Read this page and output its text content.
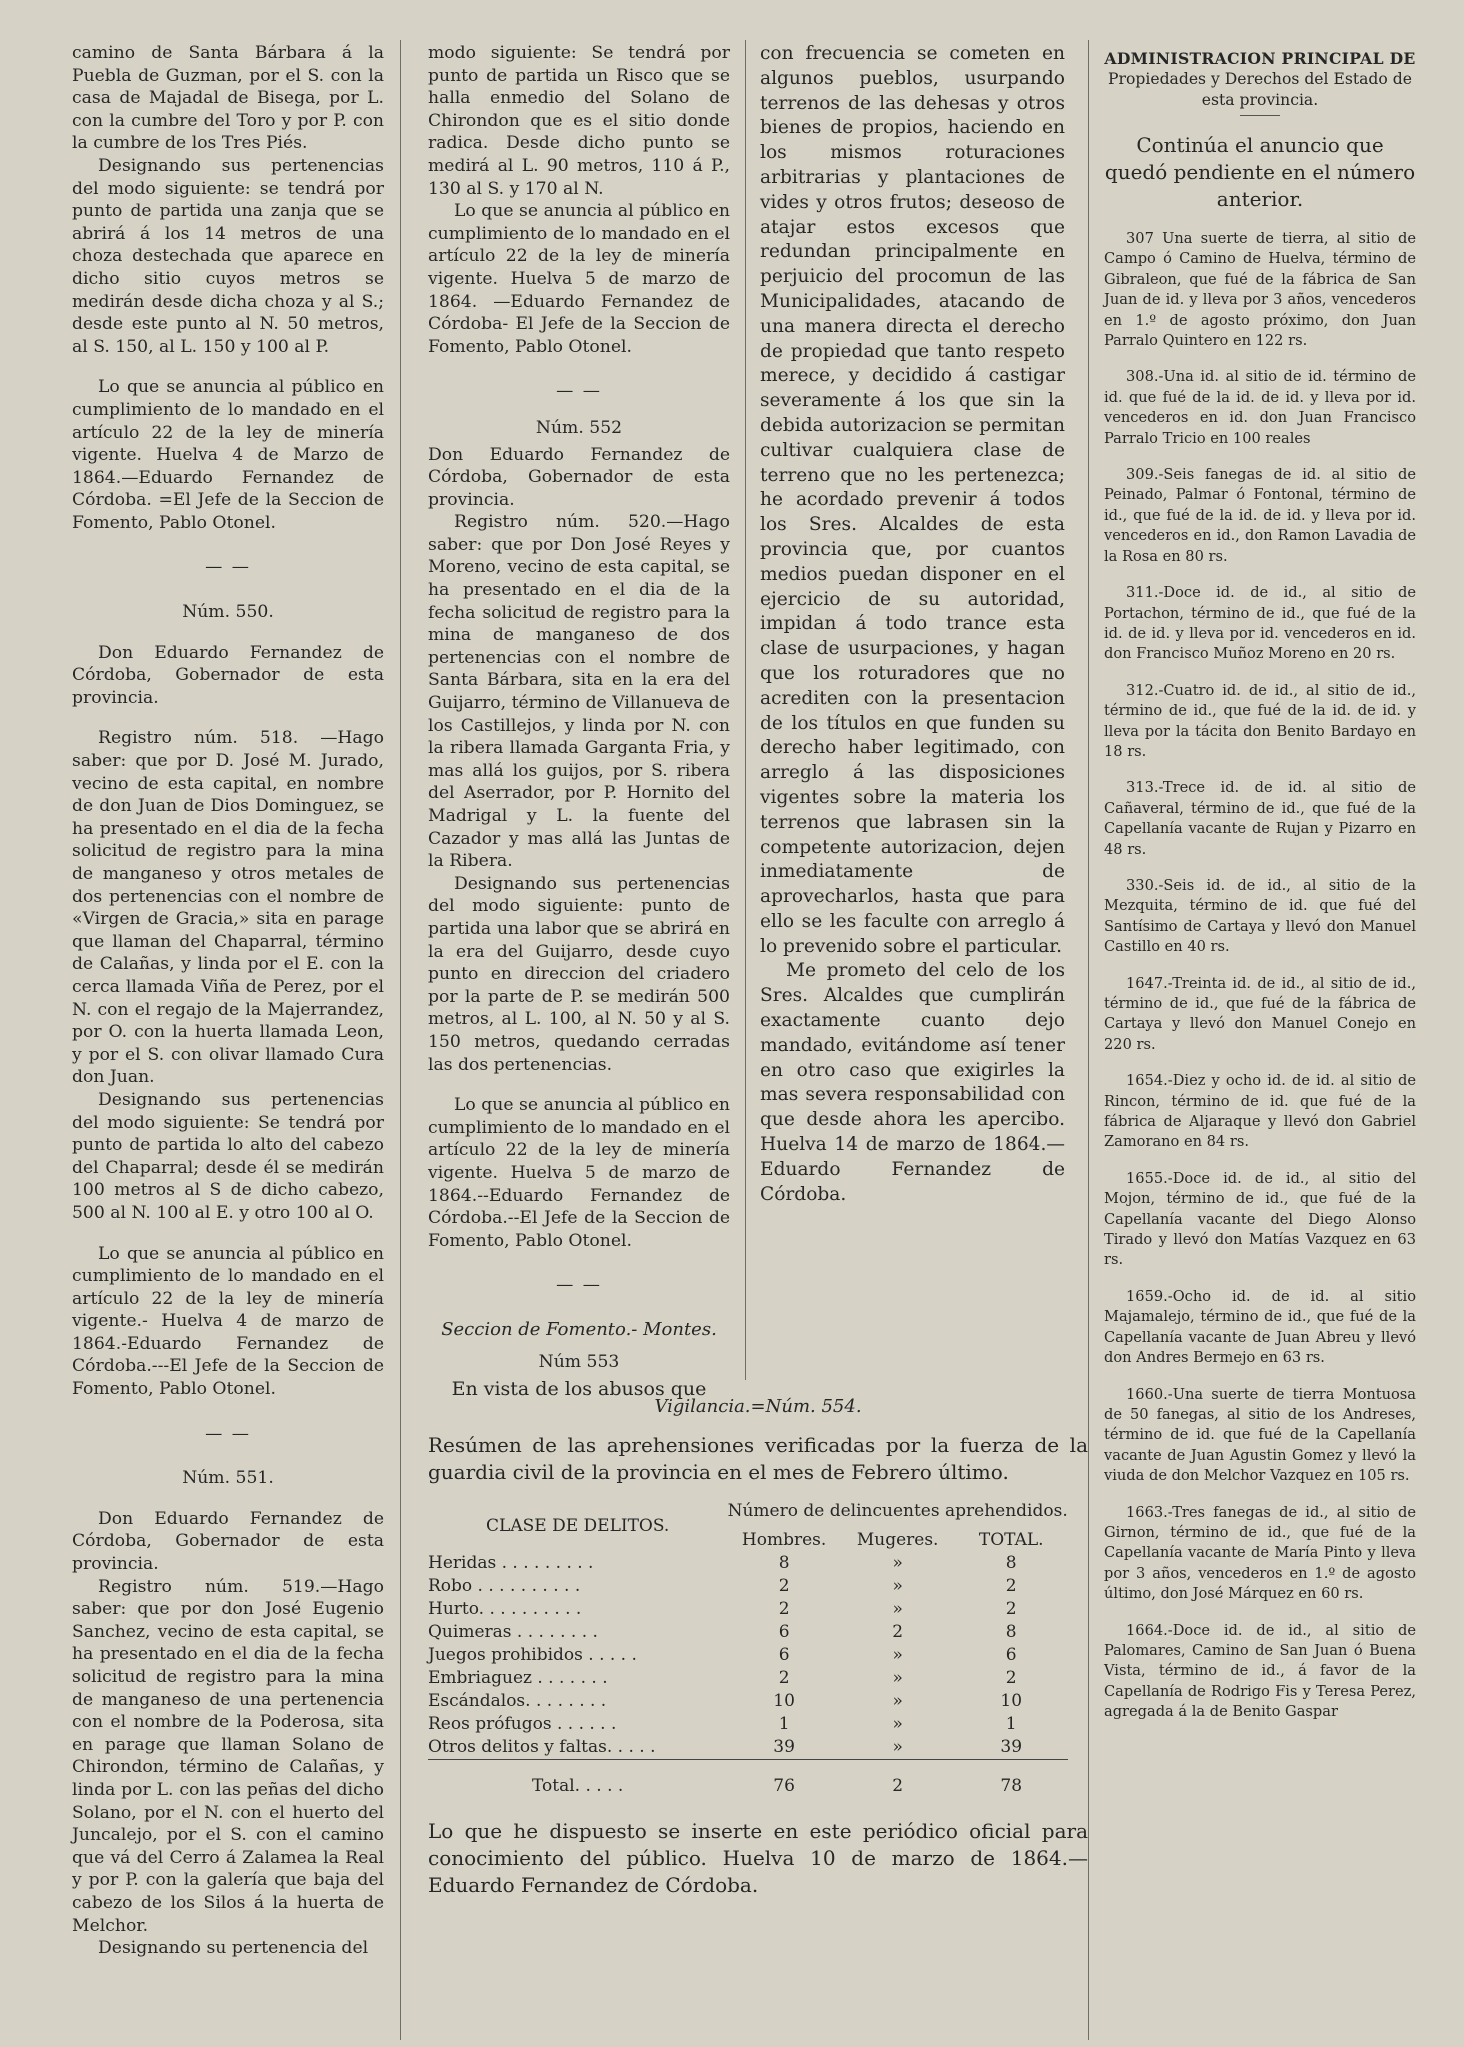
camino de Santa Bárbara á la Puebla de Guzman, por el S. con la casa de Majadal de Bisega, por L. con la cumbre del Toro y por P. con la cumbre de los Tres Piés.

Designando sus pertenencias del modo siguiente: se tendrá por punto de partida una zanja que se abrirá á los 14 metros de una choza destechada que aparece en dicho sitio cuyos metros se medirán desde dicha choza y al S.; desde este punto al N. 50 metros, al S. 150, al L. 150 y 100 al P.

Lo que se anuncia al público en cumplimiento de lo mandado en el artículo 22 de la ley de minería vigente. Huelva 4 de Marzo de 1864.—Eduardo Fernandez de Córdoba. =El Jefe de la Seccion de Fomento, Pablo Otonel.

— —
Núm. 550.

Don Eduardo Fernandez de Córdoba, Gobernador de esta provincia.

Registro núm. 518. —Hago saber: que por D. José M. Jurado, vecino de esta capital, en nombre de don Juan de Dios Dominguez, se ha presentado en el dia de la fecha solicitud de registro para la mina de manganeso y otros metales de dos pertenencias con el nombre de «Virgen de Gracia,» sita en parage que llaman del Chaparral, término de Calañas, y linda por el E. con la cerca llamada Viña de Perez, por el N. con el regajo de la Majerrandez, por O. con la huerta llamada Leon, y por el S. con olivar llamado Cura don Juan.

Designando sus pertenencias del modo siguiente: Se tendrá por punto de partida lo alto del cabezo del Chaparral; desde él se medirán 100 metros al S de dicho cabezo, 500 al N. 100 al E. y otro 100 al O.

Lo que se anuncia al público en cumplimiento de lo mandado en el artículo 22 de la ley de minería vigente.- Huelva 4 de marzo de 1864.-Eduardo Fernandez de Córdoba.---El Jefe de la Seccion de Fomento, Pablo Otonel.

— —
Núm. 551.

Don Eduardo Fernandez de Córdoba, Gobernador de esta provincia.

Registro núm. 519.—Hago saber: que por don José Eugenio Sanchez, vecino de esta capital, se ha presentado en el dia de la fecha solicitud de registro para la mina de manganeso de una pertenencia con el nombre de la Poderosa, sita en parage que llaman Solano de Chirondon, término de Calañas, y linda por L. con las peñas del dicho Solano, por el N. con el huerto del Juncalejo, por el S. con el camino que vá del Cerro á Zalamea la Real y por P. con la galería que baja del cabezo de los Silos á la huerta de Melchor.

Designando su pertenencia del

modo siguiente: Se tendrá por punto de partida un Risco que se halla enmedio del Solano de Chirondon que es el sitio donde radica. Desde dicho punto se medirá al L. 90 metros, 110 á P., 130 al S. y 170 al N.

Lo que se anuncia al público en cumplimiento de lo mandado en el artículo 22 de la ley de minería vigente. Huelva 5 de marzo de 1864. —Eduardo Fernandez de Córdoba- El Jefe de la Seccion de Fomento, Pablo Otonel.

— —
Núm. 552

Don Eduardo Fernandez de Córdoba, Gobernador de esta provincia.

Registro núm. 520.—Hago saber: que por Don José Reyes y Moreno, vecino de esta capital, se ha presentado en el dia de la fecha solicitud de registro para la mina de manganeso de dos pertenencias con el nombre de Santa Bárbara, sita en la era del Guijarro, término de Villanueva de los Castillejos, y linda por N. con la ribera llamada Garganta Fria, y mas allá los guijos, por S. ribera del Aserrador, por P. Hornito del Madrigal y L. la fuente del Cazador y mas allá las Juntas de la Ribera.

Designando sus pertenencias del modo siguiente: punto de partida una labor que se abrirá en la era del Guijarro, desde cuyo punto en direccion del criadero por la parte de P. se medirán 500 metros, al L. 100, al N. 50 y al S. 150 metros, quedando cerradas las dos pertenencias.

Lo que se anuncia al público en cumplimiento de lo mandado en el artículo 22 de la ley de minería vigente. Huelva 5 de marzo de 1864.--Eduardo Fernandez de Córdoba.--El Jefe de la Seccion de Fomento, Pablo Otonel.

— —
Seccion de Fomento.- Montes.
Núm 553

En vista de los abusos que

con frecuencia se cometen en algunos pueblos, usurpando terrenos de las dehesas y otros bienes de propios, haciendo en los mismos roturaciones arbitrarias y plantaciones de vides y otros frutos; deseoso de atajar estos excesos que redundan principalmente en perjuicio del procomun de las Municipalidades, atacando de una manera directa el derecho de propiedad que tanto respeto merece, y decidido á castigar severamente á los que sin la debida autorizacion se permitan cultivar cualquiera clase de terreno que no les pertenezca; he acordado prevenir á todos los Sres. Alcaldes de esta provincia que, por cuantos medios puedan disponer en el ejercicio de su autoridad, impidan á todo trance esta clase de usurpaciones, y hagan que los roturadores que no acrediten con la presentacion de los títulos en que funden su derecho haber legitimado, con arreglo á las disposiciones vigentes sobre la materia los terrenos que labrasen sin la competente autorizacion, dejen inmediatamente de aprovecharlos, hasta que para ello se les faculte con arreglo á lo prevenido sobre el particular.

Me prometo del celo de los Sres. Alcaldes que cumplirán exactamente cuanto dejo mandado, evitándome así tener en otro caso que exigirles la mas severa responsabilidad con que desde ahora les apercibo. Huelva 14 de marzo de 1864.—Eduardo Fernandez de Córdoba.

ADMINISTRACION PRINCIPAL DE
Propiedades y Derechos del Estado de esta provincia.
Continúa el anuncio que quedó pendiente en el número anterior.

307 Una suerte de tierra, al sitio de Campo ó Camino de Huelva, término de Gibraleon, que fué de la fábrica de San Juan de id. y lleva por 3 años, vencederos en 1.º de agosto próximo, don Juan Parralo Quintero en 122 rs.

308.-Una id. al sitio de id. término de id. que fué de la id. de id. y lleva por id. vencederos en id. don Juan Francisco Parralo Tricio en 100 reales

309.-Seis fanegas de id. al sitio de Peinado, Palmar ó Fontonal, término de id., que fué de la id. de id. y lleva por id. vencederos en id., don Ramon Lavadia de la Rosa en 80 rs.

311.-Doce id. de id., al sitio de Portachon, término de id., que fué de la id. de id. y lleva por id. vencederos en id. don Francisco Muñoz Moreno en 20 rs.

312.-Cuatro id. de id., al sitio de id., término de id., que fué de la id. de id. y lleva por la tácita don Benito Bardayo en 18 rs.

313.-Trece id. de id. al sitio de Cañaveral, término de id., que fué de la Capellanía vacante de Rujan y Pizarro en 48 rs.

330.-Seis id. de id., al sitio de la Mezquita, término de id. que fué del Santísimo de Cartaya y llevó don Manuel Castillo en 40 rs.

1647.-Treinta id. de id., al sitio de id., término de id., que fué de la fábrica de Cartaya y llevó don Manuel Conejo en 220 rs.

1654.-Diez y ocho id. de id. al sitio de Rincon, término de id. que fué de la fábrica de Aljaraque y llevó don Gabriel Zamorano en 84 rs.

1655.-Doce id. de id., al sitio del Mojon, término de id., que fué de la Capellanía vacante del Diego Alonso Tirado y llevó don Matías Vazquez en 63 rs.

1659.-Ocho id. de id. al sitio Majamalejo, término de id., que fué de la Capellanía vacante de Juan Abreu y llevó don Andres Bermejo en 63 rs.

1660.-Una suerte de tierra Montuosa de 50 fanegas, al sitio de los Andreses, término de id. que fué de la Capellanía vacante de Juan Agustin Gomez y llevó la viuda de don Melchor Vazquez en 105 rs.

1663.-Tres fanegas de id., al sitio de Girnon, término de id., que fué de la Capellanía vacante de María Pinto y lleva por 3 años, vencederos en 1.º de agosto último, don José Márquez en 60 rs.

1664.-Doce id. de id., al sitio de Palomares, Camino de San Juan ó Buena Vista, término de id., á favor de la Capellanía de Rodrigo Fis y Teresa Perez, agregada á la de Benito Gaspar

Vigilancia.=Núm. 554.

Resúmen de las aprehensiones verificadas por la fuerza de la guardia civil de la provincia en el mes de Febrero último.

CLASE DE DELITOS.	Número de delincuentes aprehendidos.		
	Hombres.	Mugeres.	TOTAL.
Heridas . . . . . . . . .	8	»	8
Robo . . . . . . . . . .	2	»	2
Hurto. . . . . . . . . .	2	»	2
Quimeras . . . . . . . .	6	2	8
Juegos prohibidos . . . . .	6	»	6
Embriaguez . . . . . . .	2	»	2
Escándalos. . . . . . . .	10	»	10
Reos prófugos . . . . . .	1	»	1
Otros delitos y faltas. . . . .	39	»	39

Total. . . . .	76	2	78

Lo que he dispuesto se inserte en este periódico oficial para conocimiento del público. Huelva 10 de marzo de 1864.—Eduardo Fernandez de Córdoba.
